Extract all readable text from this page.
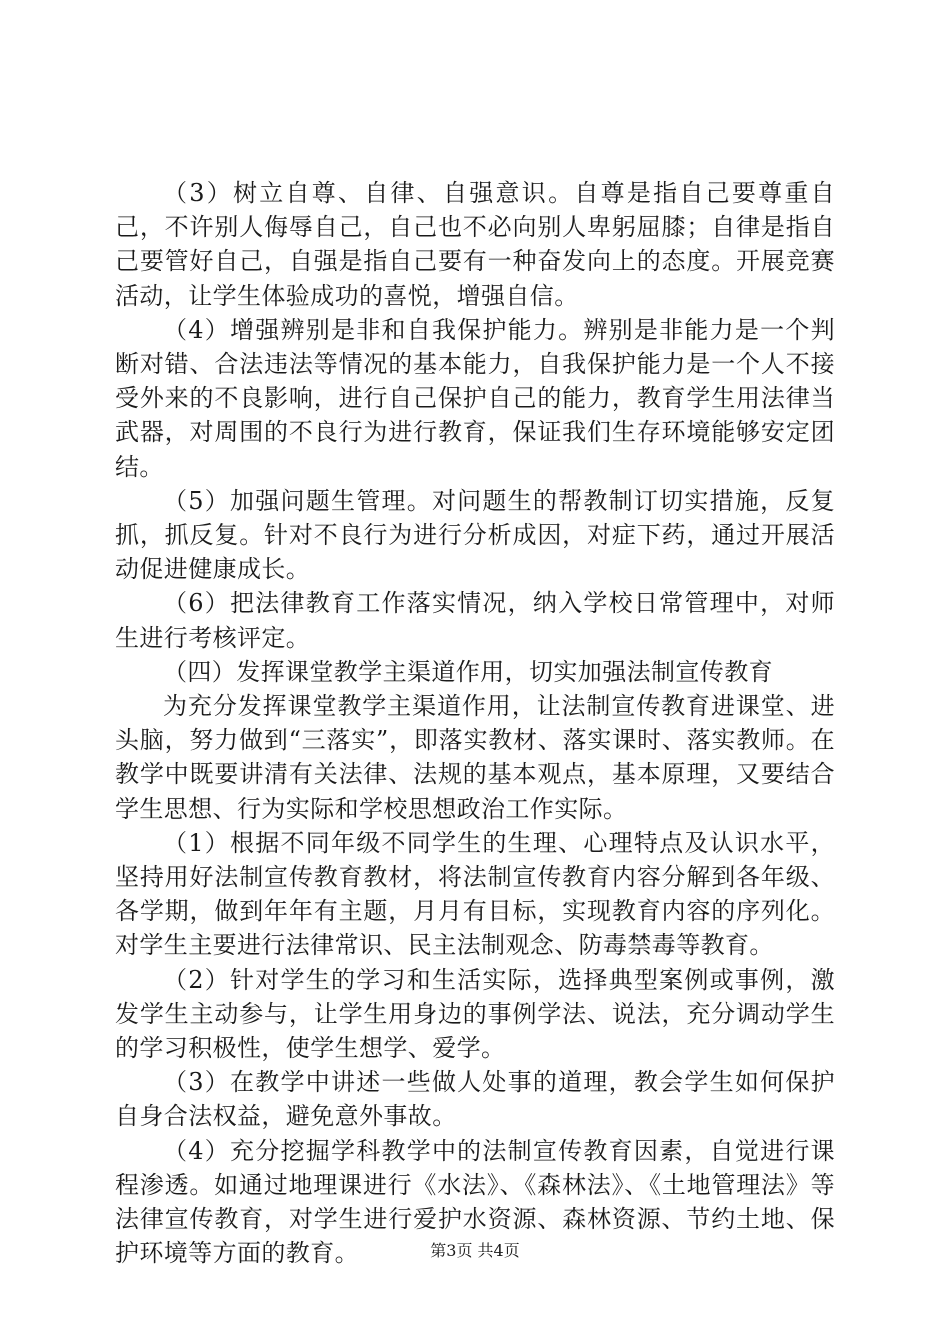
（3）树立自尊、自律、自强意识。自尊是指自己要尊重自己，不许别人侮辱自己，自己也不必向别人卑躬屈膝；自律是指自己要管好自己，自强是指自己要有一种奋发向上的态度。开展竞赛活动，让学生体验成功的喜悦，增强自信。

（4）增强辨别是非和自我保护能力。辨别是非能力是一个判断对错、合法违法等情况的基本能力，自我保护能力是一个人不接受外来的不良影响，进行自己保护自己的能力，教育学生用法律当武器，对周围的不良行为进行教育，保证我们生存环境能够安定团结。

（5）加强问题生管理。对问题生的帮教制订切实措施，反复抓，抓反复。针对不良行为进行分析成因，对症下药，通过开展活动促进健康成长。

（6）把法律教育工作落实情况，纳入学校日常管理中，对师生进行考核评定。

（四）发挥课堂教学主渠道作用，切实加强法制宣传教育

为充分发挥课堂教学主渠道作用，让法制宣传教育进课堂、进头脑，努力做到“三落实”，即落实教材、落实课时、落实教师。在教学中既要讲清有关法律、法规的基本观点，基本原理，又要结合学生思想、行为实际和学校思想政治工作实际。

（1）根据不同年级不同学生的生理、心理特点及认识水平，坚持用好法制宣传教育教材，将法制宣传教育内容分解到各年级、各学期，做到年年有主题，月月有目标，实现教育内容的序列化。对学生主要进行法律常识、民主法制观念、防毒禁毒等教育。

（2）针对学生的学习和生活实际，选择典型案例或事例，激发学生主动参与，让学生用身边的事例学法、说法，充分调动学生的学习积极性，使学生想学、爱学。

（3）在教学中讲述一些做人处事的道理，教会学生如何保护自身合法权益，避免意外事故。

（4）充分挖掘学科教学中的法制宣传教育因素，自觉进行课程渗透。如通过地理课进行《水法》、《森林法》、《土地管理法》等法律宣传教育，对学生进行爱护水资源、森林资源、节约土地、保护环境等方面的教育。	第3页 共4页
